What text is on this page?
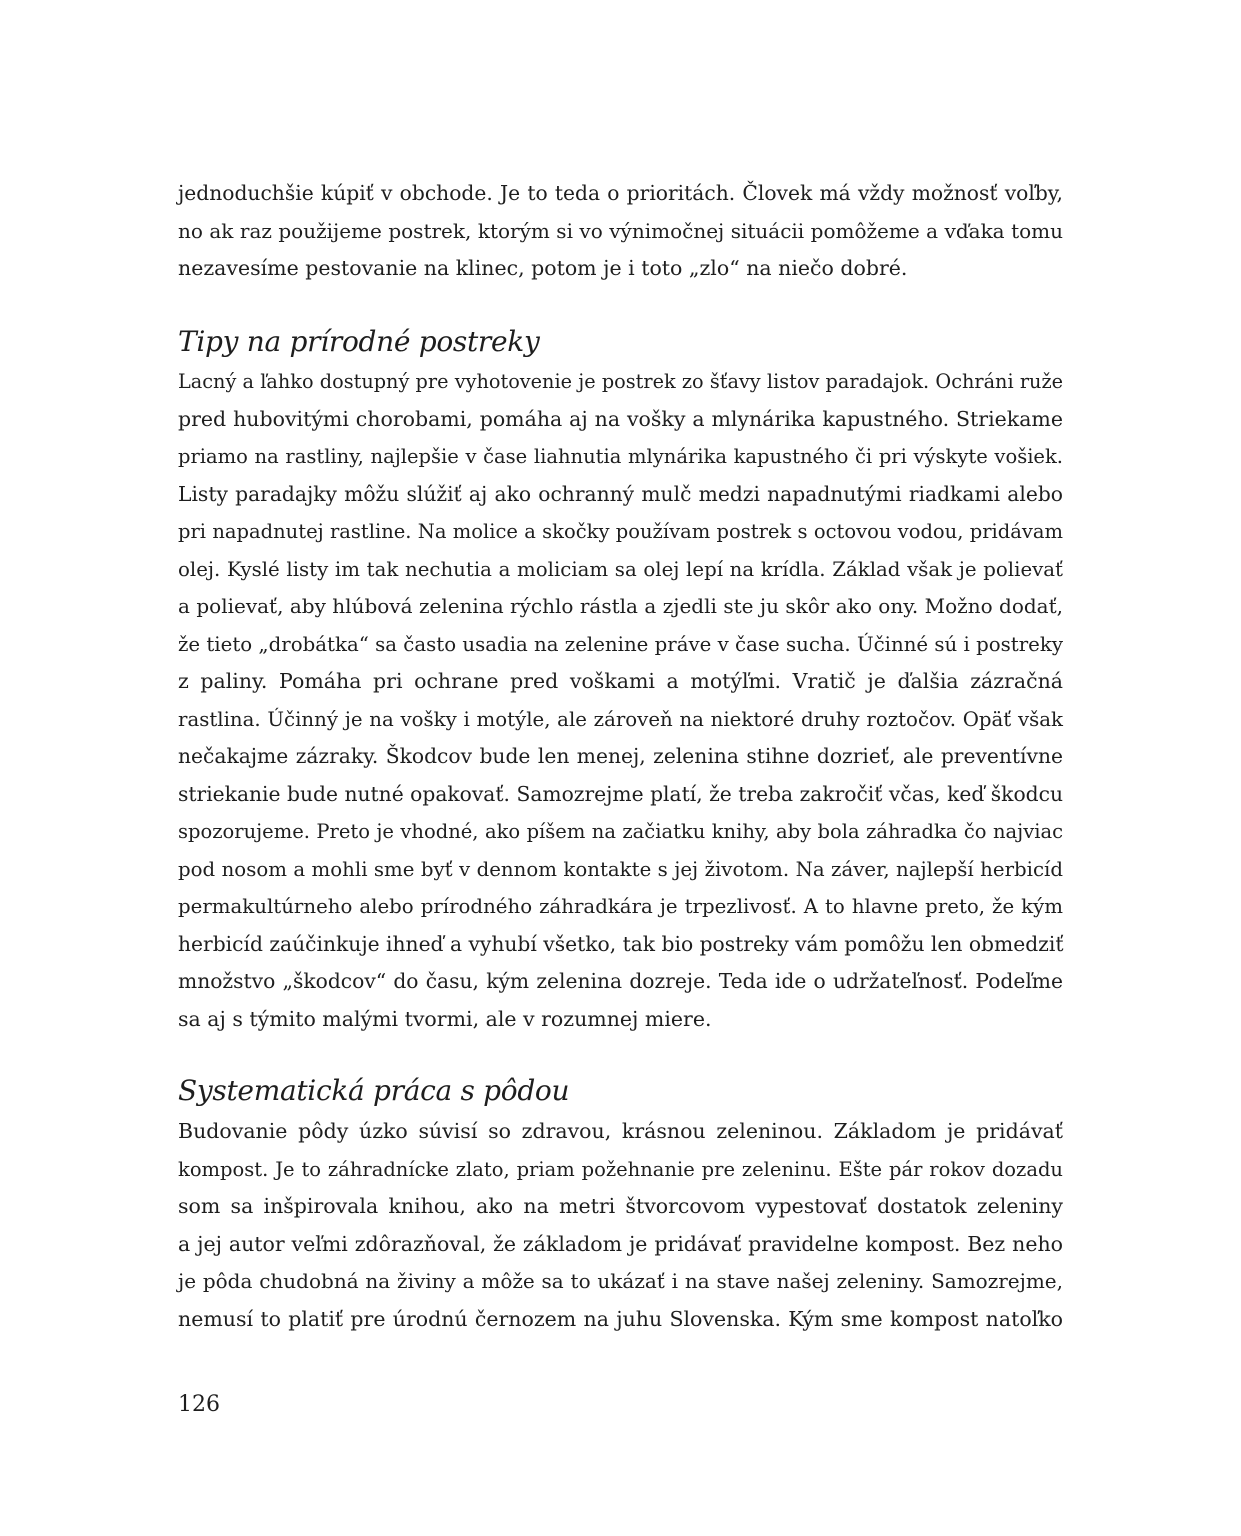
jednoduchšie kúpiť v obchode. Je to teda o prioritách. Človek má vždy možnosť voľby,
no ak raz použijeme postrek, ktorým si vo výnimočnej situácii pomôžeme a vďaka tomu
nezavesíme pestovanie na klinec, potom je i toto „zlo“ na niečo dobré.
Tipy na prírodné postreky
Lacný a ľahko dostupný pre vyhotovenie je postrek zo šťavy listov paradajok. Ochráni ruže
pred hubovitými chorobami, pomáha aj na vošky a mlynárika kapustného. Striekame
priamo na rastliny, najlepšie v čase liahnutia mlynárika kapustného či pri výskyte vošiek.
Listy paradajky môžu slúžiť aj ako ochranný mulč medzi napadnutými riadkami alebo
pri napadnutej rastline. Na molice a skočky používam postrek s octovou vodou, pridávam
olej. Kyslé listy im tak nechutia a moliciam sa olej lepí na krídla. Základ však je polievať
a polievať, aby hlúbová zelenina rýchlo rástla a zjedli ste ju skôr ako ony. Možno dodať,
že tieto „drobátka“ sa často usadia na zelenine práve v čase sucha. Účinné sú i postreky
z paliny. Pomáha pri ochrane pred voškami a motýľmi. Vratič je ďalšia zázračná
rastlina. Účinný je na vošky i motýle, ale zároveň na niektoré druhy roztočov. Opäť však
nečakajme zázraky. Škodcov bude len menej, zelenina stihne dozrieť, ale preventívne
striekanie bude nutné opakovať. Samozrejme platí, že treba zakročiť včas, keď škodcu
spozorujeme. Preto je vhodné, ako píšem na začiatku knihy, aby bola záhradka čo najviac
pod nosom a mohli sme byť v dennom kontakte s jej životom. Na záver, najlepší herbicíd
permakultúrneho alebo prírodného záhradkára je trpezlivosť. A to hlavne preto, že kým
herbicíd zaúčinkuje ihneď a vyhubí všetko, tak bio postreky vám pomôžu len obmedziť
množstvo „škodcov“ do času, kým zelenina dozreje. Teda ide o udržateľnosť. Podeľme
sa aj s týmito malými tvormi, ale v rozumnej miere.
Systematická práca s pôdou
Budovanie pôdy úzko súvisí so zdravou, krásnou zeleninou. Základom je pridávať
kompost. Je to záhradnícke zlato, priam požehnanie pre zeleninu. Ešte pár rokov dozadu
som sa inšpirovala knihou, ako na metri štvorcovom vypestovať dostatok zeleniny
a jej autor veľmi zdôrazňoval, že základom je pridávať pravidelne kompost. Bez neho
je pôda chudobná na živiny a môže sa to ukázať i na stave našej zeleniny. Samozrejme,
nemusí to platiť pre úrodnú černozem na juhu Slovenska. Kým sme kompost natoľko
126
